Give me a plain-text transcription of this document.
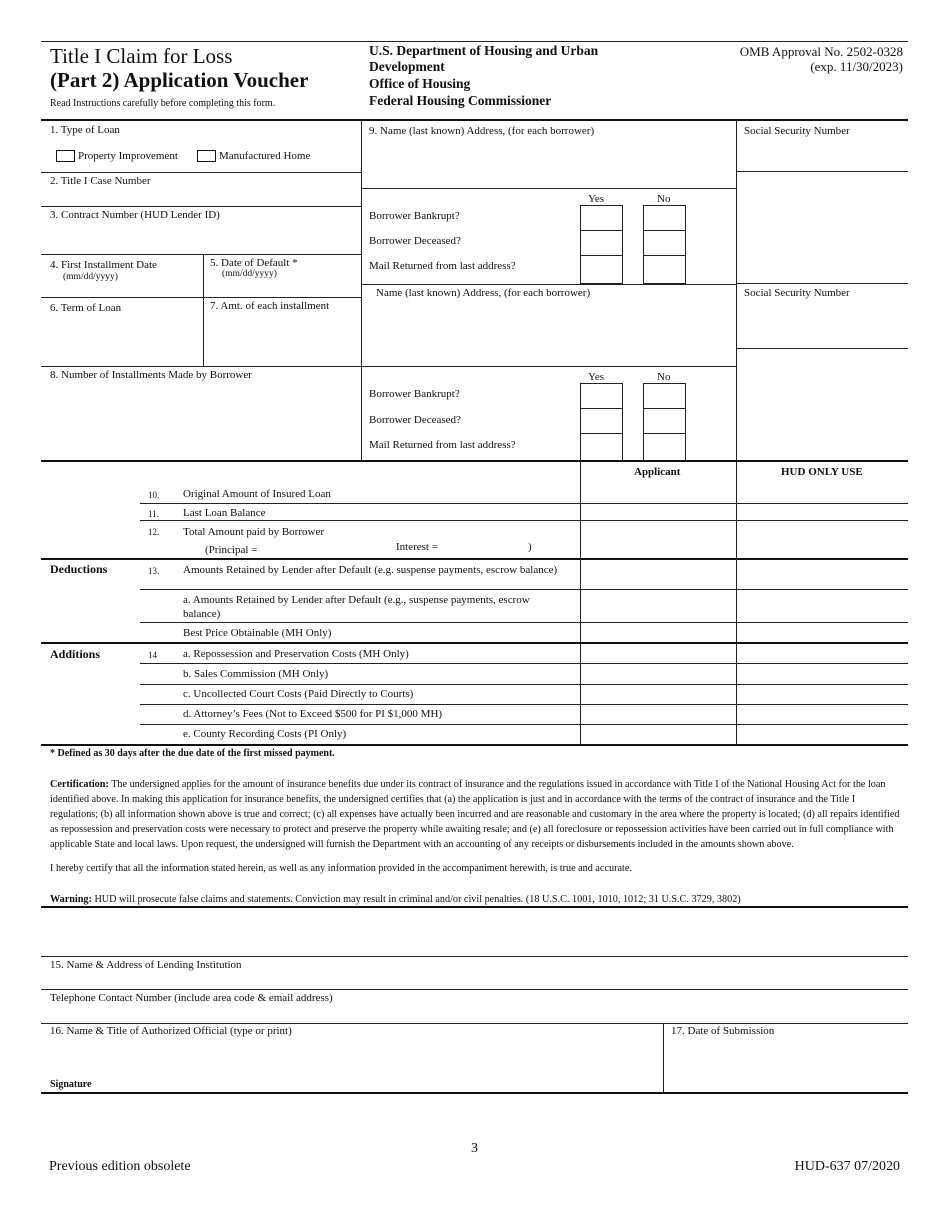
Title I Claim for Loss
(Part 2) Application Voucher
Read Instructions carefully before completing this form.
U.S. Department of Housing and Urban
Development
Office of Housing
Federal Housing Commissioner
OMB Approval No. 2502-0328
(exp. 11/30/2023)
1. Type of Loan
Property Improvement	Manufactured Home
2. Title I Case Number
3. Contract Number (HUD Lender ID)
4. First Installment Date
(mm/dd/yyyy)
5. Date of Default *
(mm/dd/yyyy)
6. Term of Loan	7. Amt. of each installment
8. Number of Installments Made by Borrower
9. Name (last known) Address, (for each borrower)
Yes	No
Borrower Bankrupt?
Borrower Deceased?
Mail Returned from last address?
Name (last known) Address, (for each borrower)
Yes	No
Borrower Bankrupt?
Borrower Deceased?
Mail Returned from last address?
Social Security Number
Social Security Number
Applicant	HUD ONLY USE
10. Original Amount of Insured Loan
11. Last Loan Balance
12. Total Amount paid by Borrower
(Principal =	Interest =	)
Deductions	13. Amounts Retained by Lender after Default (e.g. suspense payments, escrow balance)
a. Amounts Retained by Lender after Default (e.g., suspense payments, escrow
balance)
Best Price Obtainable (MH Only)
Additions	14 a. Repossession and Preservation Costs (MH Only)
b. Sales Commission (MH Only)
c. Uncollected Court Costs (Paid Directly to Courts)
d. Attorney’s Fees (Not to Exceed $500 for PI $1,000 MH)
e. County Recording Costs (PI Only)
* Defined as 30 days after the due date of the first missed payment.
Certification: The undersigned applies for the amount of insurance benefits due under its contract of insurance and the regulations issued in accordance with Title I of the National Housing Act for the loan identified above. In making this application for insurance benefits, the undersigned certifies that (a) the application is just and in accordance with the terms of the contract of insurance and the Title I regulations; (b) all information shown above is true and correct; (c) all expenses have actually been incurred and are reasonable and customary in the area where the property is located; (d) all repairs identified as repossession and preservation costs were necessary to protect and preserve the property while awaiting resale; and (e) all foreclosure or repossession activities have been carried out in full compliance with applicable State and local laws. Upon request, the undersigned will furnish the Department with an accounting of any receipts or disbursements included in the amounts shown above.
I hereby certify that all the information stated herein, as well as any information provided in the accompaniment herewith, is true and accurate.
Warning: HUD will prosecute false claims and statements. Conviction may result in criminal and/or civil penalties. (18 U.S.C. 1001, 1010, 1012; 31 U.S.C. 3729, 3802)
15. Name & Address of Lending Institution
Telephone Contact Number (include area code & email address)
16. Name & Title of Authorized Official (type or print)	17. Date of Submission
Signature
3
Previous edition obsolete	HUD-637 07/2020
